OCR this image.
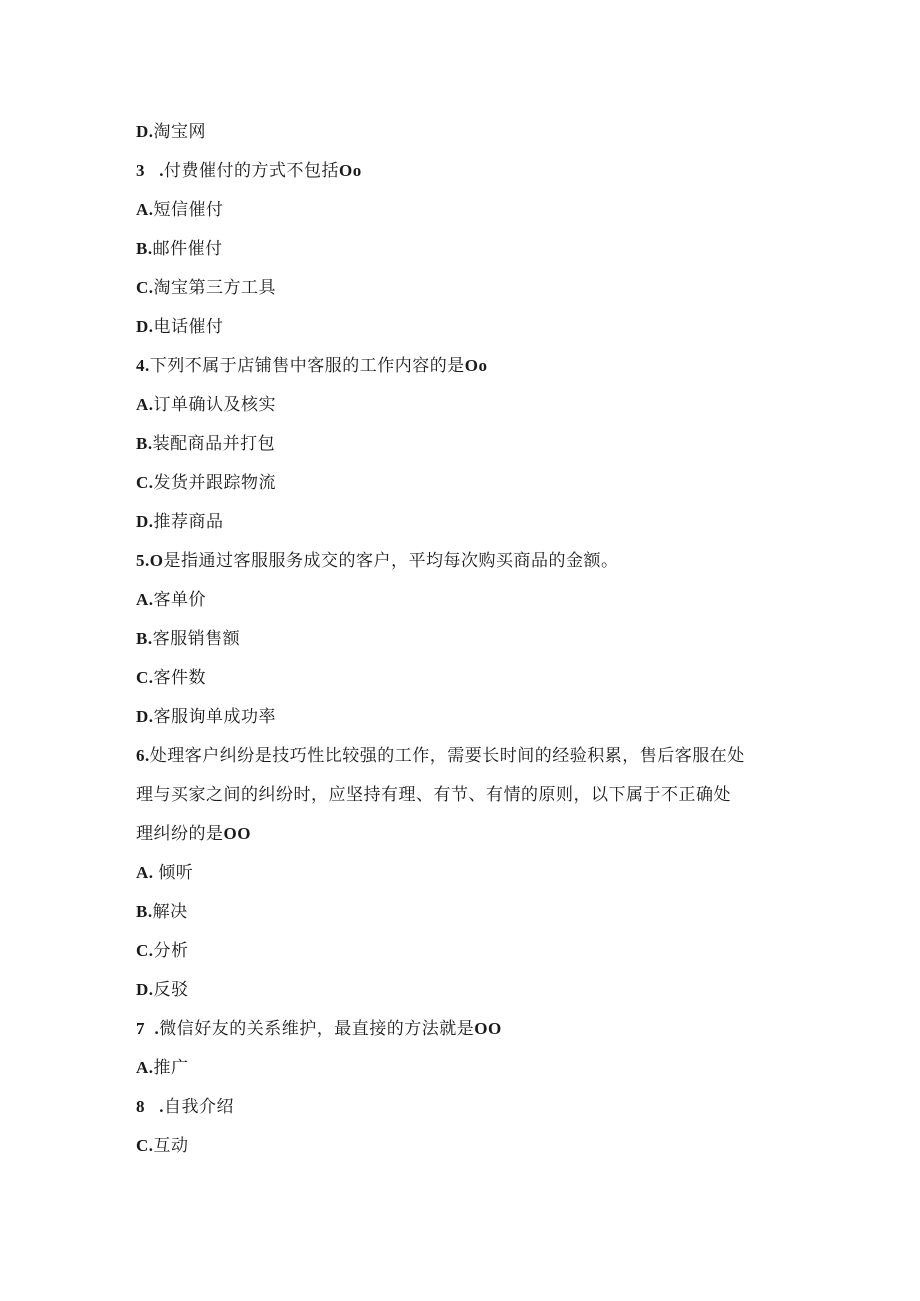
D.淘宝网
3   .付费催付的方式不包括Oo
A.短信催付
B.邮件催付
C.淘宝第三方工具
D.电话催付
4.下列不属于店铺售中客服的工作内容的是Oo
A.订单确认及核实
B.装配商品并打包
C.发货并跟踪物流
D.推荐商品
5.O是指通过客服服务成交的客户，平均每次购买商品的金额。
A.客单价
B.客服销售额
C.客件数
D.客服询单成功率
6.处理客户纠纷是技巧性比较强的工作，需要长时间的经验积累，售后客服在处
理与买家之间的纠纷时，应坚持有理、有节、有情的原则，以下属于不正确处
理纠纷的是OO
A. 倾听
B.解决
C.分析
D.反驳
7  .微信好友的关系维护，最直接的方法就是OO
A.推广
8   .自我介绍
C.互动
